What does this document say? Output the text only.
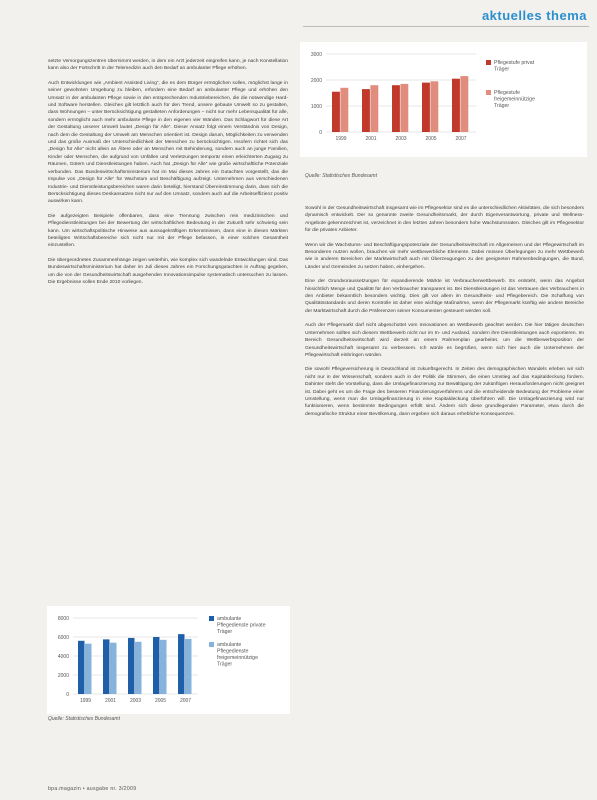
aktuelles thema

setzte Versorgungszentren übernimmt werden, in dem ein Arzt jederzeit eingreifen kann, je nach Konstellation kann also der Fortschritt in der Telemedizin auch den Bedarf an ambulanter Pflege erhöhen.

Auch Entwicklungen wie „Ambient Assisted Living“, die es dem Bürger ermöglichen sollen, möglichst lange in seiner gewohnten Umgebung zu bleiben, erfordern eine Bedarf an ambulanter Pflege und erhöhen den Umsatz in der ambulanten Pflege sowie in den entsprechenden Industriebereichen, die die notwendige Hard- und Software herstellen. Gleiches gilt letztlich auch für den Trend, unsere gebaute Umwelt so zu gestalten, dass Wohnungen – unter Berücksichtigung gestalteten Anforderungen – nicht nur mehr Lebensqualität für alle, sondern ermöglicht auch mehr ambulante Pflege in den eigenen vier Wänden. Das Schlagwort für diese Art der Gestaltung unserer Umwelt lautet „Design für Alle“. Dieser Ansatz folgt einem Verständnis von Design, nach dem die Gestaltung der Umwelt am Menschen orientiert ist. Design darum, Möglichkeiten zu verwenden und das große Ausmaß der Unterschiedlichkeit der Menschen zu berücksichtigen. Insofern richtet sich das „Design für Alle“ nicht allein an Ältere oder an Menschen mit Behinderung, sondern auch an junge Familien, Kinder oder Menschen, die aufgrund von Unfällen und Verletzungen temporär einen erleichterten Zugang zu Räumen, Gütern und Dienstleistungen haben. Auch hat „Design für Alle“ wie große wirtschaftliche Potenziale verbunden. Das Bundeswirtschaftsministerium hat im Mai dieses Jahres ein Gutachten vorgestellt, das die Impulse von „Design für Alle“ für Wachstum und Beschäftigung aufzeigt. Unternehmen aus verschiedenen Industrie- und Dienstleistungsbereichen waren darin beteiligt, hierstand Übereinstimmung darin, dass sich die Berücksichtigung dieses Denkansatzes nicht nur auf den Umsatz, sondern auch auf die Arbeitseffizienz positiv auswirken kann.

Die aufgezeigten Beispiele offenbaren, dass eine Trennung zwischen rein medizinischen und Pflegedienstleistungen bei der Bewertung der wirtschaftlichen Bedeutung in der Zukunft sehr schwierig sein kann. Um wirtschaftspolitische Hinweise aus aussagekräftigen Erkenntnissen, dann eine in diesen Märkten beteiligten Wirtschaftsbereiche sich nicht nur mit der Pflege befassen, in einer solchen Gesamtheit einzustellen.

Die übergeordneten Zusammenhänge zeigen weiterhin, wie komplex sich wandelnde Entwicklungen sind. Das Bundeswirtschaftsministerium hat daher im Juli dieses Jahres ein Forschungsgutachten in Auftrag gegeben, um die von der Gesundheitswirtschaft ausgehenden Innovationsimpulse systematisch untersuchen zu lassen. Die Ergebnisse sollen Ende 2010 vorliegen.

Sowohl in der Gesundheitswirtschaft insgesamt wie im Pflegesektor sind es die unterschiedlichen Aktivitäten, die sich besonders dynamisch entwickelt. Der so genannte zweite Gesundheitsmarkt, der durch Eigenverantwortung, private und Wellness-Angebote gekennzeichnet ist, verzeichnet in den letzten Jahren besonders hohe Wachstumsraten. Gleiches gilt im Pflegesektor für die privaten Anbieter.

Wenn wir die Wachstums- und Beschäftigungspotenziale der Gesundheitswirtschaft im Allgemeinen und der Pflegewirtschaft im Besonderen nutzen wollen, brauchen wir mehr wettbewerbliche Elemente. Dabei müssen Überlegungen zu mehr Wettbewerb wie in anderen Bereichen der Marktwirtschaft auch mit Überzeugungen zu den geeigneten Rahmenbedingungen, die Bund, Länder und Gemeinden zu setzen haben, einhergehen.

Eine der Grundvoraussetzungen für expandierende Märkte ist Verbraucherwettbewerb. Es entsteht, wenn das Angebot hinsichtlich Menge und Qualität für den Verbraucher transparent ist. Bei Dienstleistungen ist das Vertrauen des Verbrauchers in den Anbieter bekanntlich besonders wichtig. Dies gilt vor allem im Gesundheits- und Pflegebereich. Die Schaffung von Qualitätsstandards und deren Kontrolle ist daher eine wichtige Maßnahme, wenn der Pflegemarkt künftig wie andere Bereiche der Marktwirtschaft durch die Präferenzen seiner Konsumenten gesteuert werden soll.

Auch der Pflegemarkt darf nicht abgeschottet vom Innovationen an Wettbewerb geachtet werden. Die hier tätigen deutschen Unternehmen sollten sich diesem Wettbewerb nicht nur im In- und Ausland, sondern ihre Dienstleistungen auch exportieren. Im Bereich Gesundheitswirtschaft wird derzeit an einem Rahmenplan gearbeitet, um die Wettbewerbsposition der Gesundheitswirtschaft insgesamt zu verbessern. Ich würde es begrüßen, wenn sich hier auch die Unternehmen der Pflegewirtschaft einbringen würden.

Die sowohl Pflegeversicherung in Deutschland ist zukunftsgerecht. In Zeiten des demographischen Wandels erleben wir sich nicht nur in der Wissenschaft, sondern auch in der Politik die Stimmen, die einen Umstieg auf das Kapitaldeckung fordern. Dahinter steht die Vorstellung, dass die Umlagefinanzierung zur Bewältigung der zukünftigen Herausforderungen nicht geeignet ist. Dabei geht es um die Frage des besseren Finanzierungsverfahrens und die entscheidende Bedeutung der Probleme einer Umstellung, wenn man die Umlagefinanzierung in eine Kapitaldeckung überführen will. Die Umlagefinanzierung wird nur funktionieren, wenn bestimmte Bedingungen erfüllt sind. Ändern sich diese grundlegenden Parameter, etwa durch die demografische Struktur einer Bevölkerung, dann ergeben sich daraus erhebliche Konsequenzen.

0
1000
2000
3000
1999	2001	2003	2005	2007
Pflegestufe privat Träger
Pflegestufe freigemeinnützige Träger
Quelle: Statistisches Bundesamt
0
2000
4000
6000
8000
1999	2001	2003	2005	2007
ambulante Pflegedienste private Träger
ambulante Pflegedienste freigemeinnützige Träger
Quelle: Statistisches Bundesamt
bpa.magazin • ausgabe nr. 3/2009
